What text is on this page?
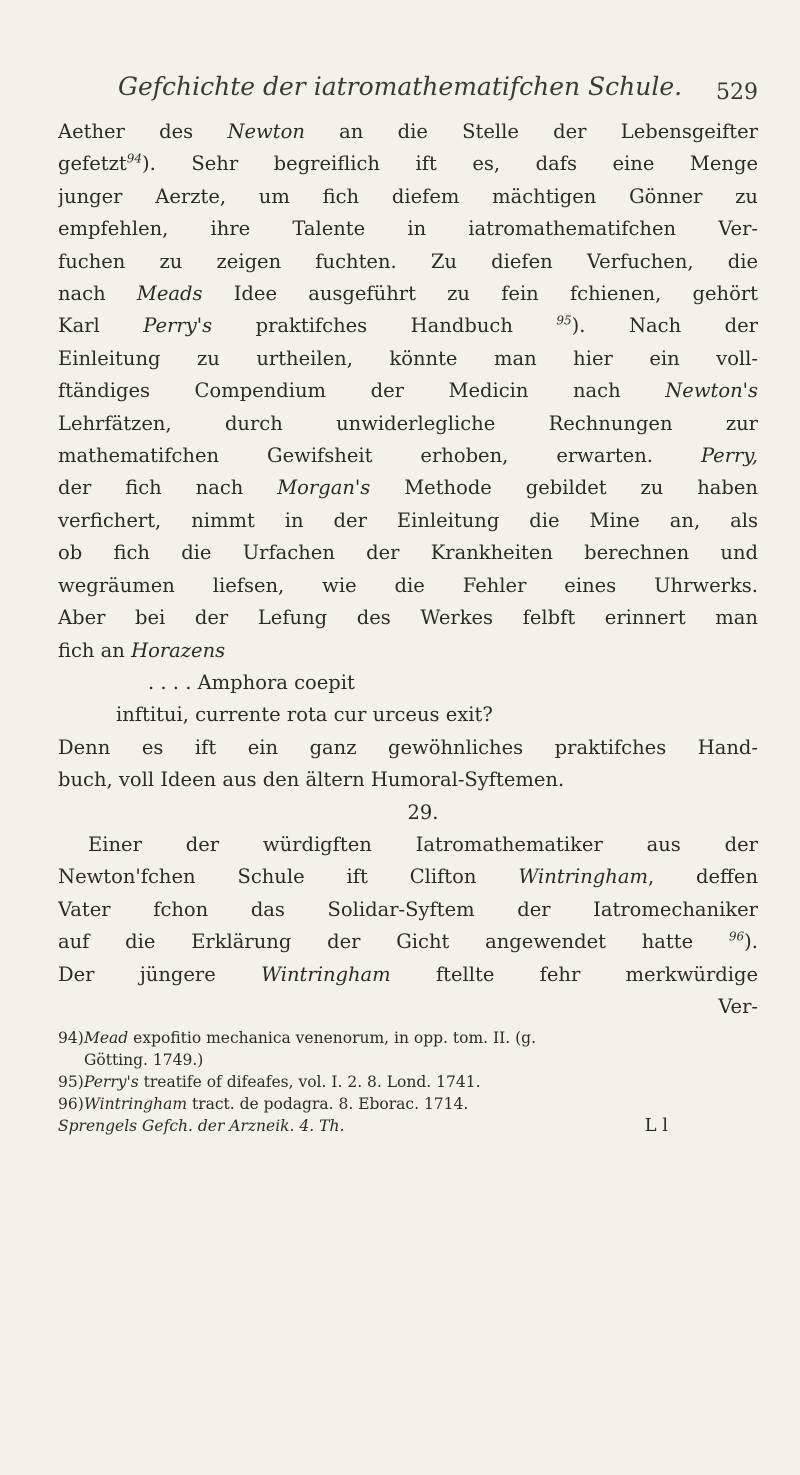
Gefchichte der iatromathematifchen Schule. 529
Aether des Newton an die Stelle der Lebensgeifter
gefetzt$^{94}$). Sehr begreiflich ift es, dafs eine Menge
junger Aerzte, um fich diefem mächtigen Gönner zu
empfehlen, ihre Talente in iatromathematifchen Ver-
fuchen zu zeigen fuchten. Zu diefen Verfuchen, die
nach Meads Idee ausgeführt zu fein fchienen, gehört
Karl Perry's praktifches Handbuch	$^{95}$). Nach der
Einleitung zu urtheilen, könnte man hier ein voll-
ftändiges Compendium der Medicin nach Newton's
Lehrfätzen, durch unwiderlegliche Rechnungen zur
mathematifchen Gewifsheit erhoben, erwarten. Perry,
der fich nach Morgan's Methode gebildet zu haben
verfichert, nimmt in der Einleitung die Mine an, als
ob fich die Urfachen der Krankheiten berechnen und
wegräumen liefsen, wie die Fehler eines Uhrwerks.
Aber bei der Lefung des Werkes felbft erinnert man
fich an Horazens
. . . . Amphora coepit
inftitui, currente rota cur urceus exit?
Denn es ift ein ganz gewöhnliches praktifches Hand-
buch, voll Ideen aus den ältern Humoral-Syftemen.
29.
Einer der würdigften Iatromathematiker aus der
Newton'fchen Schule ift Clifton Wintringham, deffen
Vater fchon das Solidar-Syftem der Iatromechaniker
auf die Erklärung der Gicht angewendet hatte	$^{96}$).
Der jüngere Wintringham ftellte fehr merkwürdige
Ver-
94)Mead expofitio mechanica venenorum, in opp. tom. II. (g.
Götting. 1749.)
95)Perry's treatife of difeafes, vol. I. 2. 8. Lond. 1741.
96)Wintringham tract. de podagra. 8. Eborac. 1714.
Sprengels Gefch. der Arzneik. 4. Th.	L l
